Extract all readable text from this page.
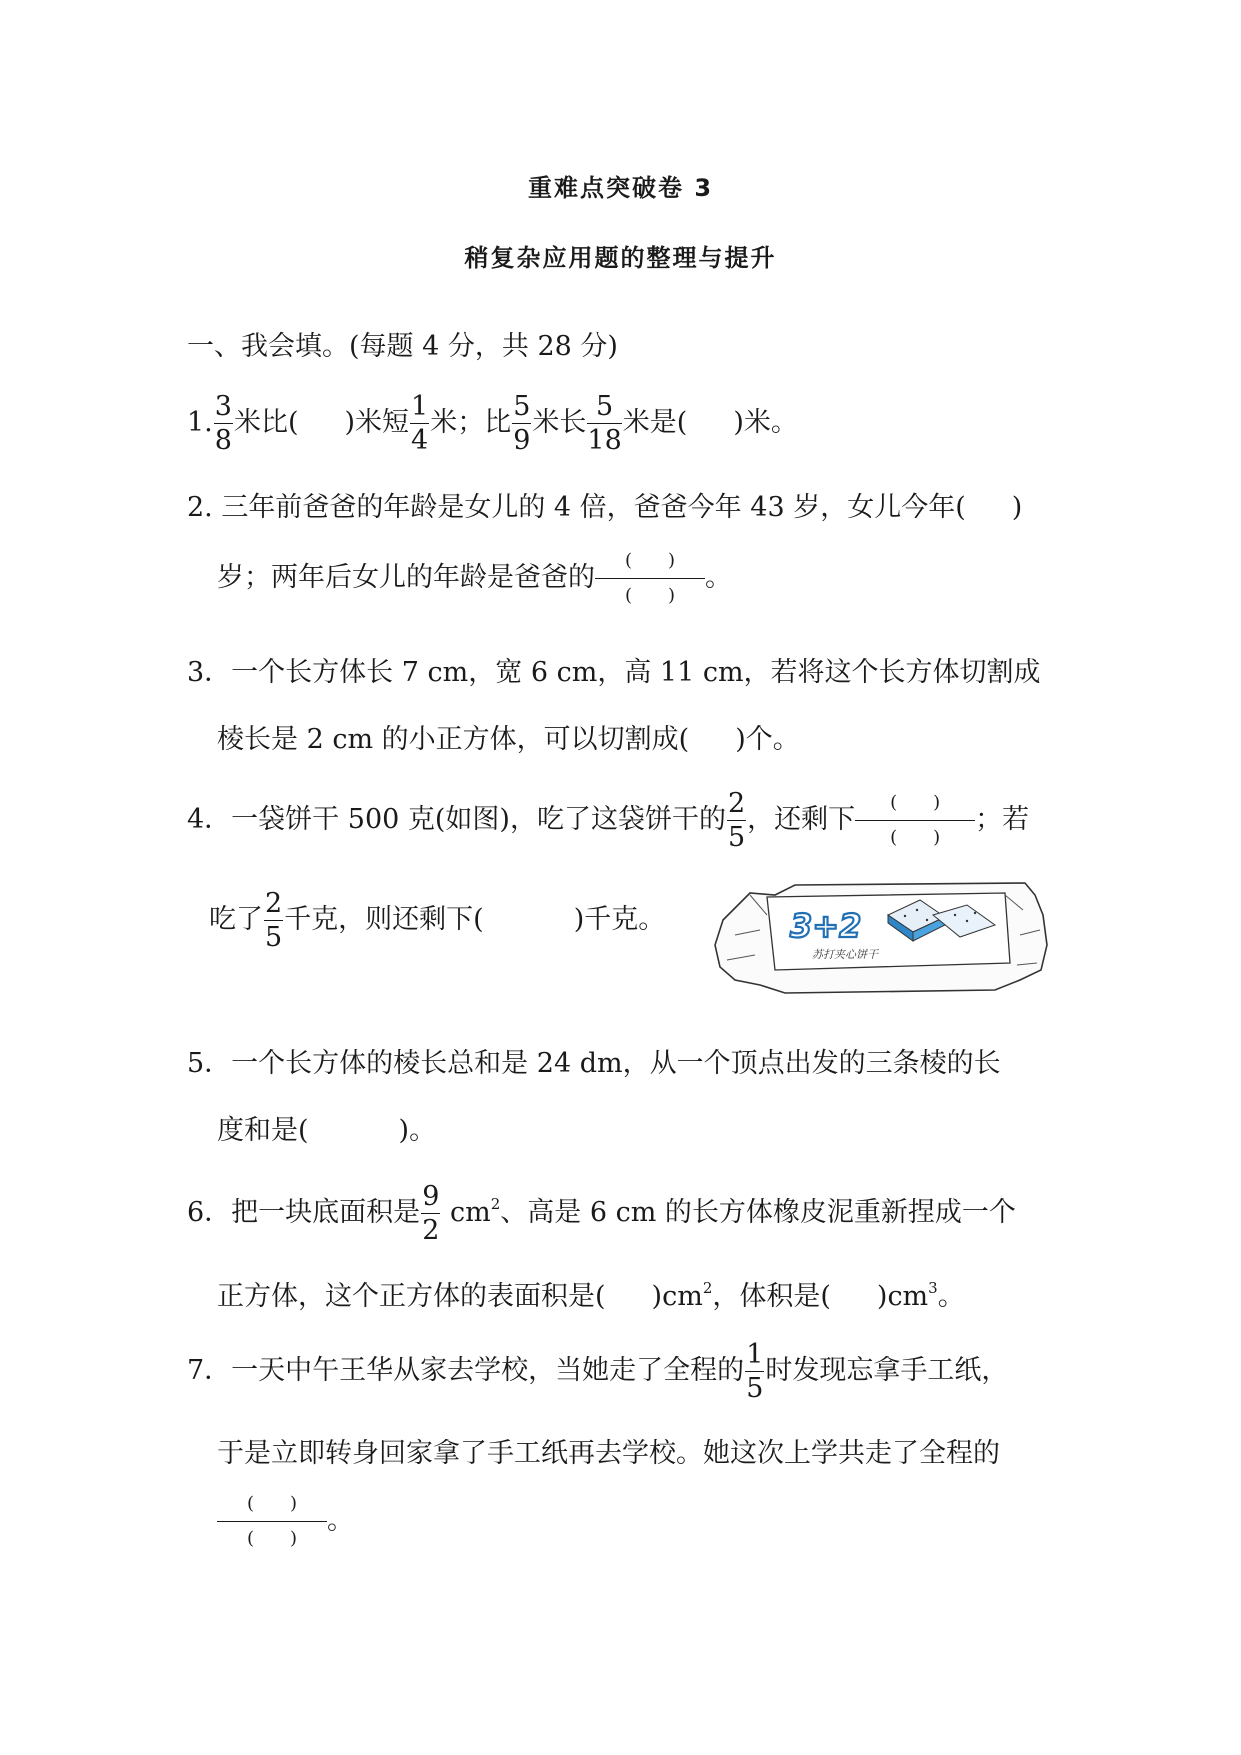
重难点突破卷 3
稍复杂应用题的整理与提升
一、我会填。(每题 4 分，共 28 分)
1. $\frac{3}{8}$ 米比( )米短 $\frac{1}{4}$ 米；比 $\frac{5}{9}$ 米长 $\frac{5}{18}$ 米是( )米。
2. 三年前爸爸的年龄是女儿的 4 倍，爸爸今年 43 岁，女儿今年( )
岁；两年后女儿的年龄是爸爸的 $\frac{( )}{( )}$ 。
3．一个长方体长 7 cm，宽 6 cm，高 11 cm，若将这个长方体切割成
棱长是 2 cm 的小正方体，可以切割成( )个。
4．一袋饼干 500 克(如图)，吃了这袋饼干的 $\frac{2}{5}$ ，还剩下 $\frac{( )}{( )}$ ；若
吃了 $\frac{2}{5}$ 千克，则还剩下(	)千克。	3+2
苏打夹心饼干
5．一个长方体的棱长总和是 24 dm，从一个顶点出发的三条棱的长
度和是(	)。
6．把一块底面积是 $\frac{9}{2} cm^2$、高是 6 cm 的长方体橡皮泥重新捏成一个
正方体，这个正方体的表面积是( )$cm^2$，体积是( )$cm^3$。
7．一天中午王华从家去学校，当她走了全程的 $\frac{1}{5}$ 时发现忘拿手工纸，
于是立即转身回家拿了手工纸再去学校。她这次上学共走了全程的
$\frac{( )}{( )}$ 。
